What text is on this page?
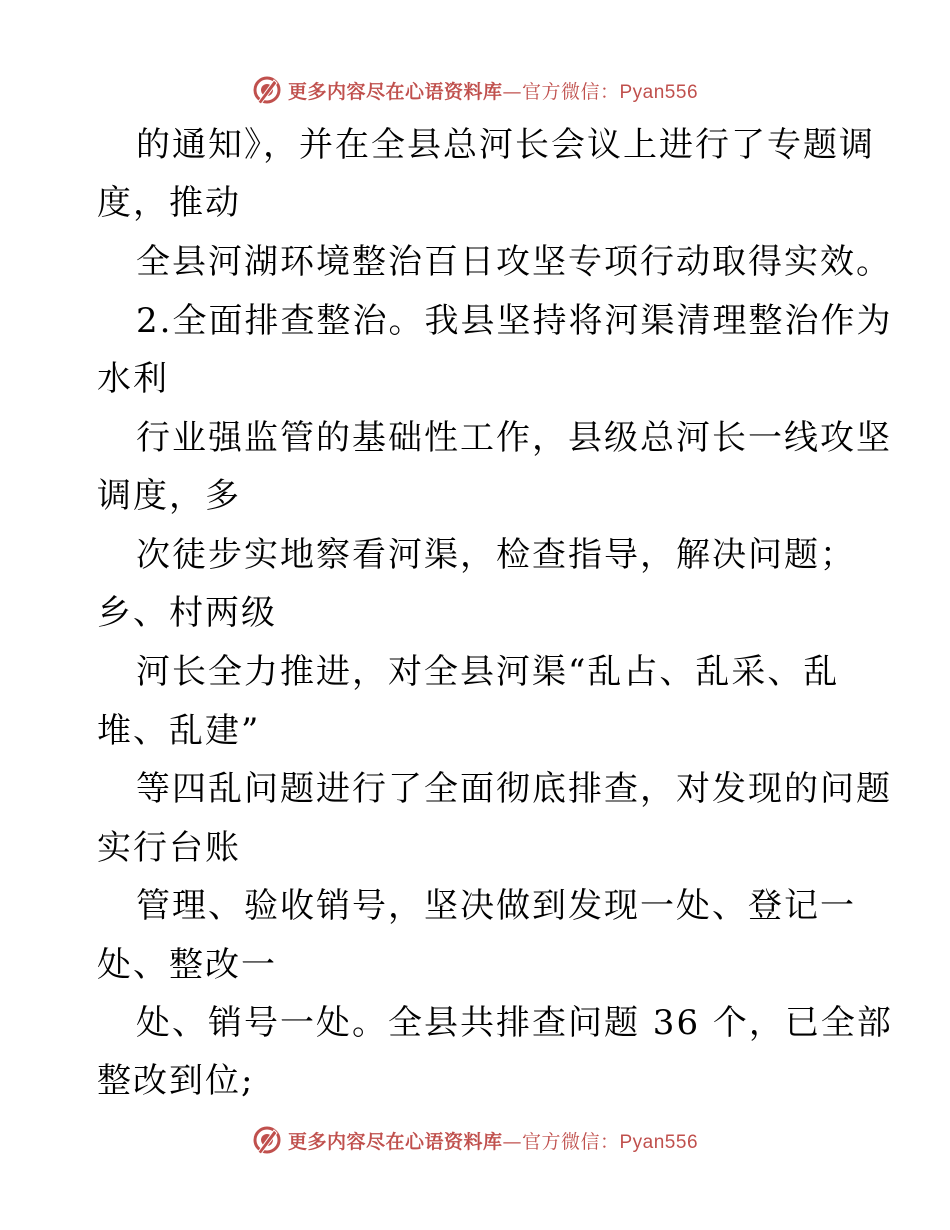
更多内容尽在心语资料库—官方微信：Pyan556
的通知》，并在全县总河长会议上进行了专题调
度，推动
全县河湖环境整治百日攻坚专项行动取得实效。
2.全面排查整治。我县坚持将河渠清理整治作为
水利
行业强监管的基础性工作，县级总河长一线攻坚
调度，多
次徒步实地察看河渠，检查指导，解决问题；
乡、村两级
河长全力推进，对全县河渠“乱占、乱采、乱
堆、乱建”
等四乱问题进行了全面彻底排查，对发现的问题
实行台账
管理、验收销号，坚决做到发现一处、登记一
处、整改一
处、销号一处。全县共排查问题 36 个，已全部
整改到位;
更多内容尽在心语资料库—官方微信：Pyan556
